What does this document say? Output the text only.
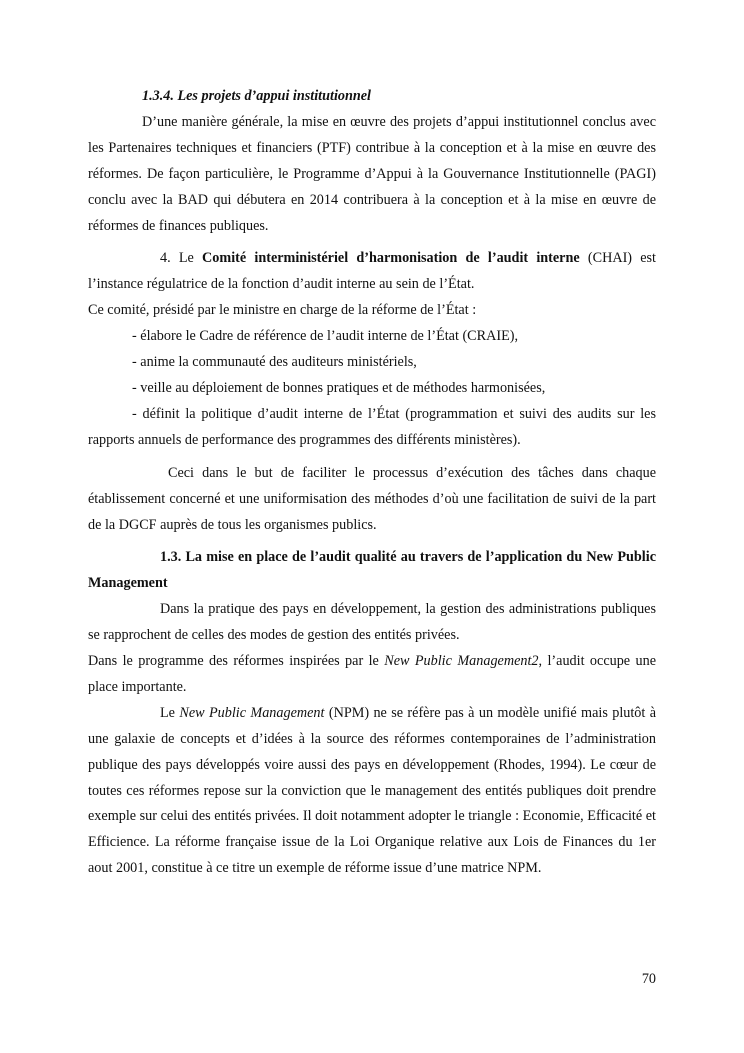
1.3.4. Les projets d’appui institutionnel

D’une manière générale, la mise en œuvre des projets d’appui institutionnel conclus avec les Partenaires techniques et financiers (PTF) contribue à la conception et à la mise en œuvre des réformes. De façon particulière, le Programme d’Appui à la Gouvernance Institutionnelle (PAGI) conclu avec la BAD qui débutera en 2014 contribuera à la conception et à la mise en œuvre de réformes de finances publiques.

4. Le Comité interministériel d’harmonisation de l’audit interne (CHAI) est l’instance régulatrice de la fonction d’audit interne au sein de l’État.

Ce comité, présidé par le ministre en charge de la réforme de l’État :

- élabore le Cadre de référence de l’audit interne de l’État (CRAIE),

- anime la communauté des auditeurs ministériels,

- veille au déploiement de bonnes pratiques et de méthodes harmonisées,

- définit la politique d’audit interne de l’État (programmation et suivi des audits sur les rapports annuels de performance des programmes des différents ministères).

Ceci dans le but de faciliter le processus d’exécution des tâches dans chaque établissement concerné et une uniformisation des méthodes d’où une facilitation de suivi de la part de la DGCF auprès de tous les organismes publics.

1.3. La mise en place de l’audit qualité au travers de l’application du New Public Management

Dans la pratique des pays en développement, la gestion des administrations publiques se rapprochent de celles des modes de gestion des entités privées.

Dans le programme des réformes inspirées par le New Public Management2, l’audit occupe une place importante.

Le New Public Management (NPM) ne se réfère pas à un modèle unifié mais plutôt à une galaxie de concepts et d’idées à la source des réformes contemporaines de l’administration publique des pays développés voire aussi des pays en développement (Rhodes, 1994). Le cœur de toutes ces réformes repose sur la conviction que le management des entités publiques doit prendre exemple sur celui des entités privées. Il doit notamment adopter le triangle : Economie, Efficacité et Efficience. La réforme française issue de la Loi Organique relative aux Lois de Finances du 1er aout 2001, constitue à ce titre un exemple de réforme issue d’une matrice NPM.

70
